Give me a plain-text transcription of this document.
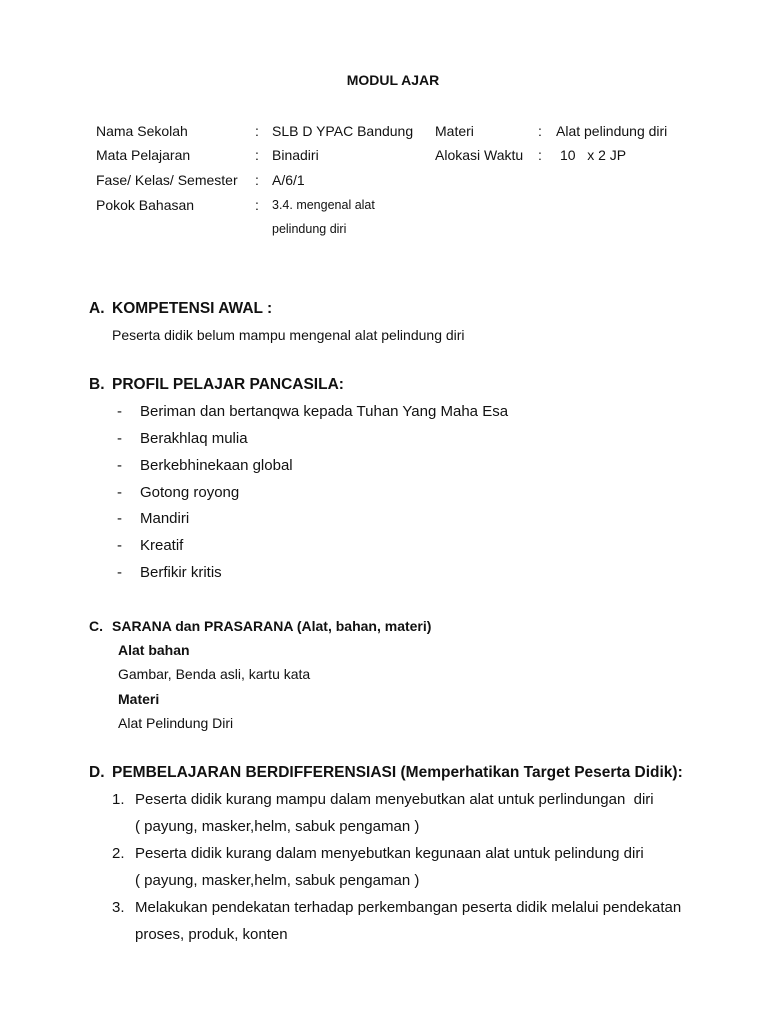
MODUL AJAR
Nama Sekolah	: SLB D YPAC Bandung
Mata Pelajaran	: Binadiri
Fase/ Kelas/ Semester : A/6/1
Pokok Bahasan	: 3.4. mengenal alat
pelindung diri
Materi	: Alat pelindung diri
Alokasi Waktu : 10   x 2 JP
A. KOMPETENSI AWAL :
Peserta didik belum mampu mengenal alat pelindung diri
B. PROFIL PELAJAR PANCASILA:
- Beriman dan bertanqwa kepada Tuhan Yang Maha Esa
- Berakhlaq mulia
- Berkebhinekaan global
- Gotong royong
- Mandiri
- Kreatif
- Berfikir kritis
C. SARANA dan PRASARANA (Alat, bahan, materi)
Alat bahan
Gambar, Benda asli, kartu kata
Materi
Alat Pelindung Diri
D. PEMBELAJARAN BERDIFFERENSIASI (Memperhatikan Target Peserta Didik):
1. Peserta didik kurang mampu dalam menyebutkan alat untuk perlindungan  diri
( payung, masker,helm, sabuk pengaman )
2. Peserta didik kurang dalam menyebutkan kegunaan alat untuk pelindung diri
( payung, masker,helm, sabuk pengaman )
3. Melakukan pendekatan terhadap perkembangan peserta didik melalui pendekatan
proses, produk, konten
